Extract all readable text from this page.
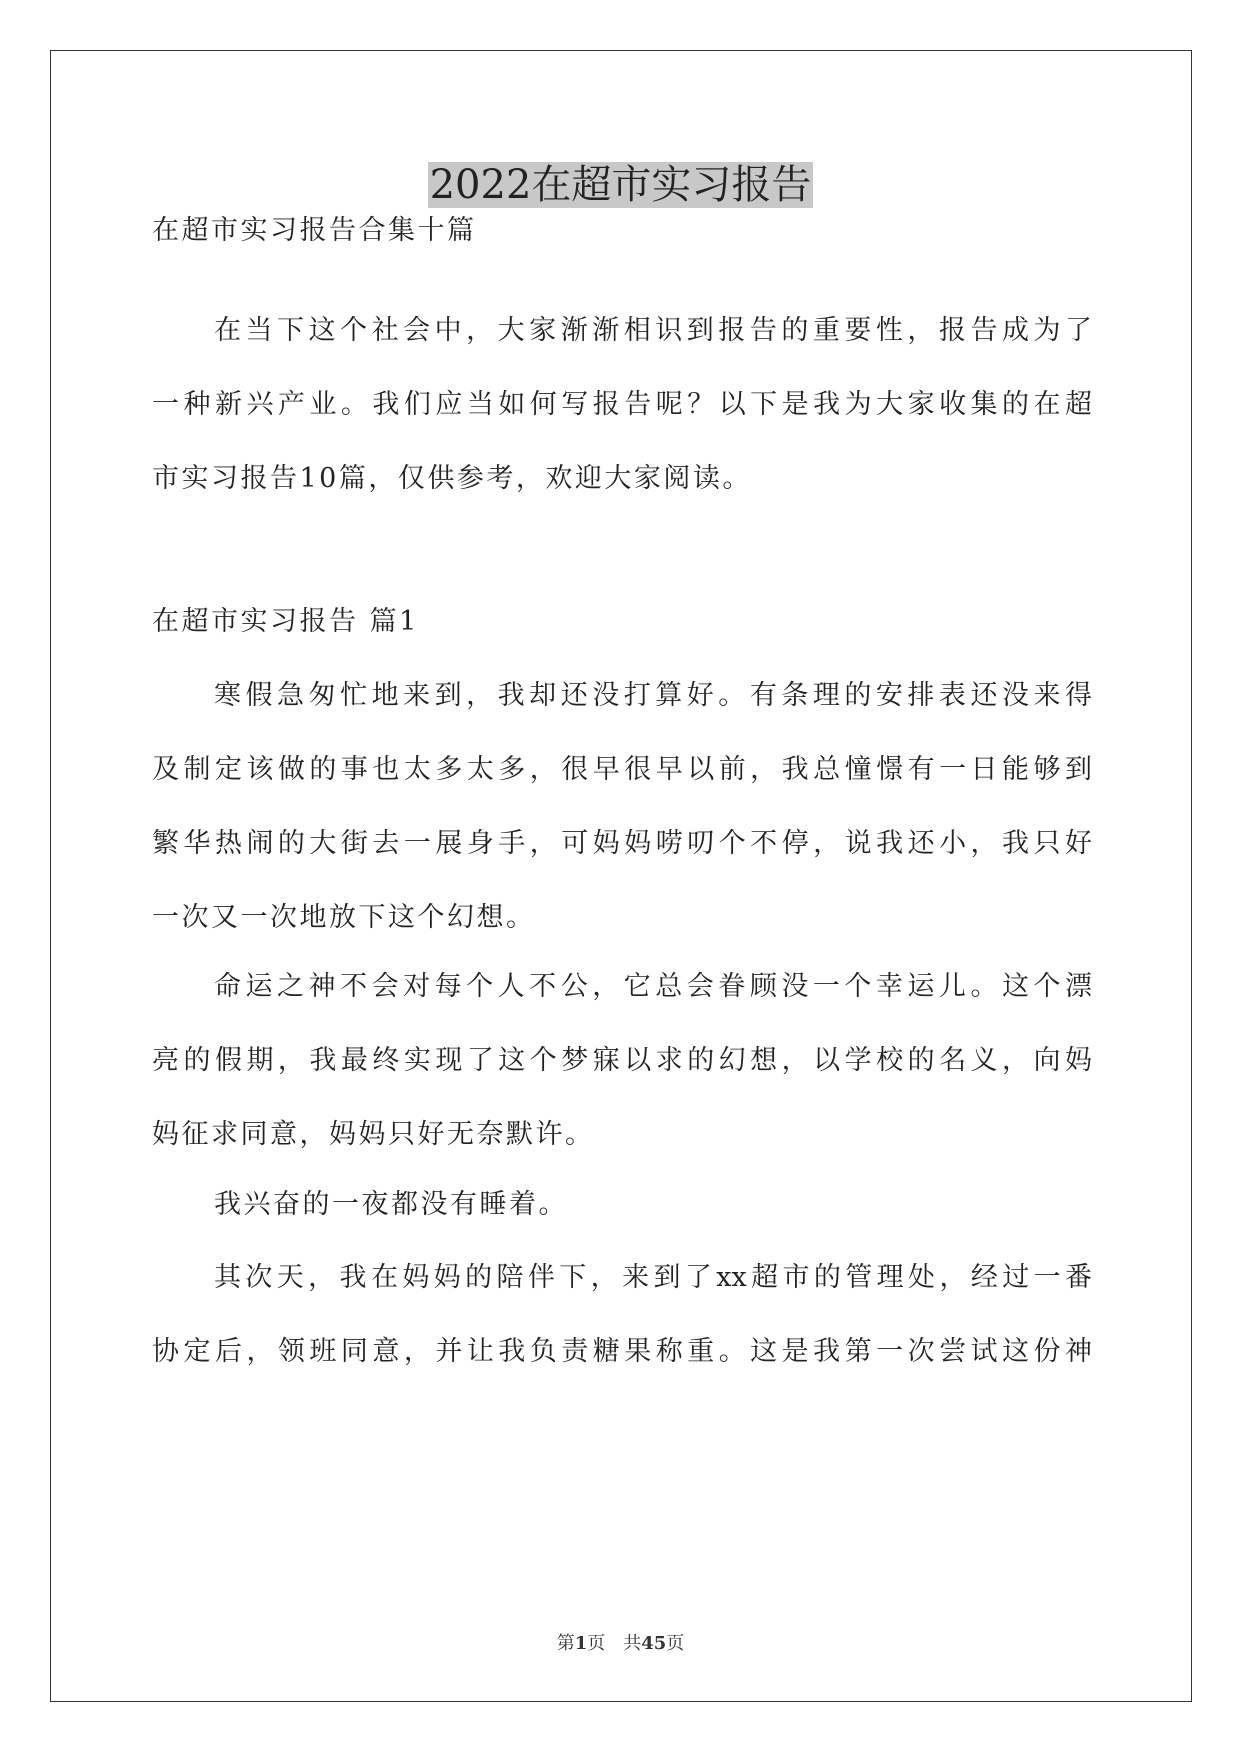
2022在超市实习报告

在超市实习报告合集十篇

在当下这个社会中，大家渐渐相识到报告的重要性，报告成为了

一种新兴产业。我们应当如何写报告呢？以下是我为大家收集的在超

市实习报告10篇，仅供参考，欢迎大家阅读。

在超市实习报告 篇1

寒假急匆忙地来到，我却还没打算好。有条理的安排表还没来得

及制定该做的事也太多太多，很早很早以前，我总憧憬有一日能够到

繁华热闹的大街去一展身手，可妈妈唠叨个不停，说我还小，我只好

一次又一次地放下这个幻想。

命运之神不会对每个人不公，它总会眷顾没一个幸运儿。这个漂

亮的假期，我最终实现了这个梦寐以求的幻想，以学校的名义，向妈

妈征求同意，妈妈只好无奈默许。

我兴奋的一夜都没有睡着。

其次天，我在妈妈的陪伴下，来到了xx超市的管理处，经过一番

协定后，领班同意，并让我负责糖果称重。这是我第一次尝试这份神

第1页　共45页
